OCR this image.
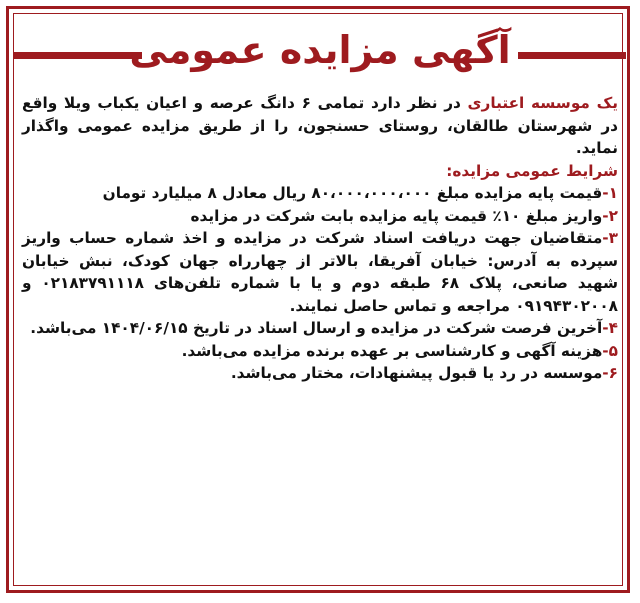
آگهی مزایده عمومی

یک موسسه اعتباری در نظر دارد تمامی ۶ دانگ عرصه و اعیان یکباب ویلا واقع در شهرستان طالقان، روستای حسنجون، را از طریق مزایده عمومی واگذار نماید.

شرایط عمومی مزایده:

۱-قیمت پایه مزایده مبلغ ۸۰،۰۰۰،۰۰۰،۰۰۰ ریال معادل ۸ میلیارد تومان

۲-واریز مبلغ ۱۰٪ قیمت پایه مزایده بابت شرکت در مزایده

۳-متقاضیان جهت دریافت اسناد شرکت در مزایده و اخذ شماره حساب واریز سپرده به آدرس: خیابان آفریقا، بالاتر از چهارراه جهان کودک، نبش خیابان شهید صانعی، پلاک ۶۸ طبقه دوم و یا با شماره تلفن‌های ۰۲۱۸۳۷۹۱۱۱۸ و ۰۹۱۹۴۳۰۲۰۰۸ مراجعه و تماس حاصل نمایند.

۴-آخرین فرصت شرکت در مزایده و ارسال اسناد در تاریخ ۱۴۰۴/۰۶/۱۵ می‌باشد.

۵-هزینه آگهی و کارشناسی بر عهده برنده مزایده می‌باشد.

۶-موسسه در رد یا قبول پیشنهادات، مختار می‌باشد.
